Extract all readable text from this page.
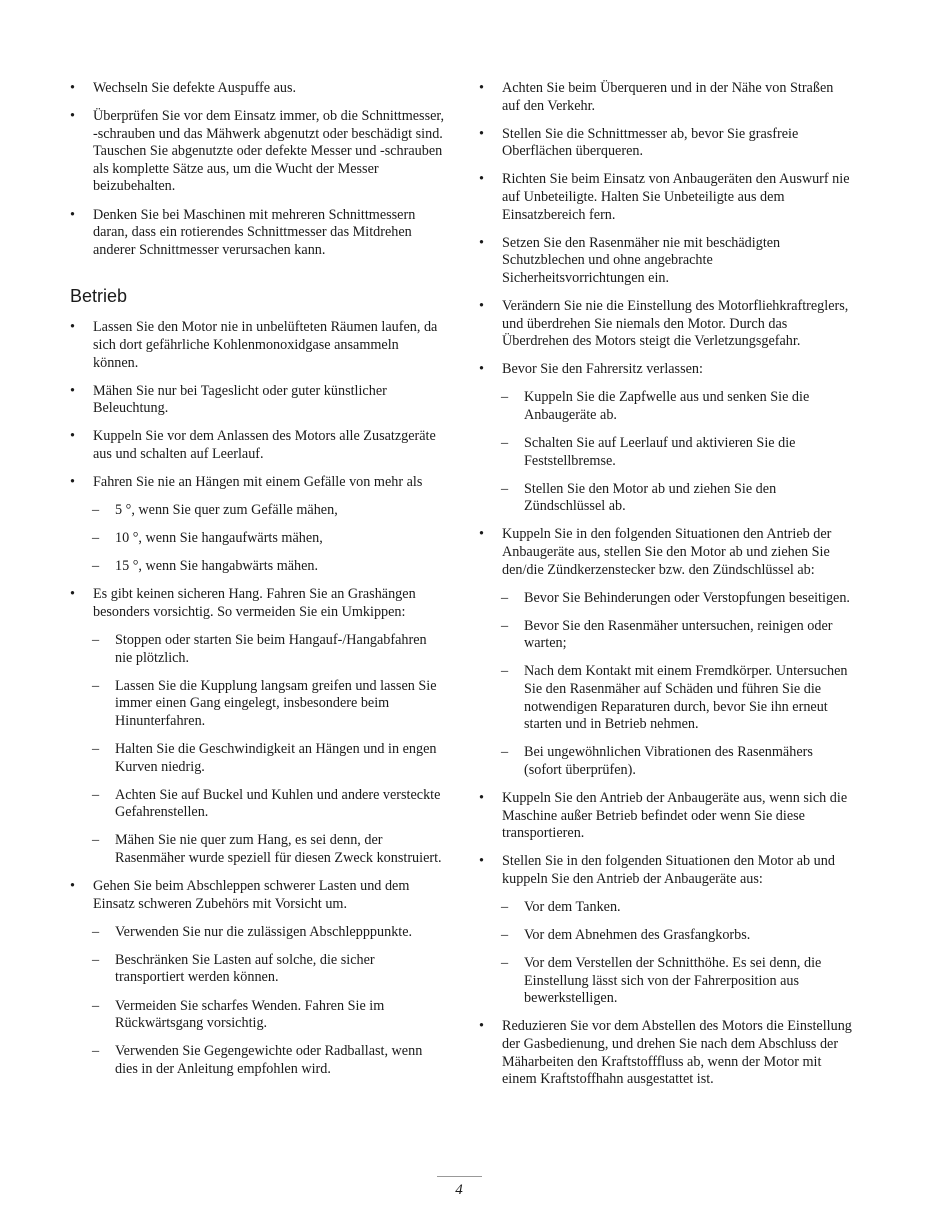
•	Wechseln Sie defekte Auspuffe aus.
•	Überprüfen Sie vor dem Einsatz immer, ob die Schnittmesser, -schrauben und das Mähwerk abgenutzt oder beschädigt sind. Tauschen Sie abgenutzte oder defekte Messer und -schrauben als komplette Sätze aus, um die Wucht der Messer beizubehalten.
•	Denken Sie bei Maschinen mit mehreren Schnittmessern daran, dass ein rotierendes Schnittmesser das Mitdrehen anderer Schnittmesser verursachen kann.
Betrieb
•	Lassen Sie den Motor nie in unbelüfteten Räumen laufen, da sich dort gefährliche Kohlenmonoxidgase ansammeln können.
•	Mähen Sie nur bei Tageslicht oder guter künstlicher Beleuchtung.
•	Kuppeln Sie vor dem Anlassen des Motors alle Zusatzgeräte aus und schalten auf Leerlauf.
•	Fahren Sie nie an Hängen mit einem Gefälle von mehr als
– 5 °, wenn Sie quer zum Gefälle mähen,
– 10 °, wenn Sie hangaufwärts mähen,
– 15 °, wenn Sie hangabwärts mähen.
•	Es gibt keinen sicheren Hang. Fahren Sie an Grashängen besonders vorsichtig. So vermeiden Sie ein Umkippen:
– Stoppen oder starten Sie beim Hangauf-/Hangabfahren nie plötzlich.
– Lassen Sie die Kupplung langsam greifen und lassen Sie immer einen Gang eingelegt, insbesondere beim Hinunterfahren.
– Halten Sie die Geschwindigkeit an Hängen und in engen Kurven niedrig.
– Achten Sie auf Buckel und Kuhlen und andere versteckte Gefahrenstellen.
– Mähen Sie nie quer zum Hang, es sei denn, der Rasenmäher wurde speziell für diesen Zweck konstruiert.
•	Gehen Sie beim Abschleppen schwerer Lasten und dem Einsatz schweren Zubehörs mit Vorsicht um.
– Verwenden Sie nur die zulässigen Abschlepppunkte.
– Beschränken Sie Lasten auf solche, die sicher transportiert werden können.
– Vermeiden Sie scharfes Wenden. Fahren Sie im Rückwärtsgang vorsichtig.
– Verwenden Sie Gegengewichte oder Radballast, wenn dies in der Anleitung empfohlen wird.
•	Achten Sie beim Überqueren und in der Nähe von Straßen auf den Verkehr.
•	Stellen Sie die Schnittmesser ab, bevor Sie grasfreie Oberflächen überqueren.
•	Richten Sie beim Einsatz von Anbaugeräten den Auswurf nie auf Unbeteiligte. Halten Sie Unbeteiligte aus dem Einsatzbereich fern.
•	Setzen Sie den Rasenmäher nie mit beschädigten Schutzblechen und ohne angebrachte Sicherheitsvorrichtungen ein.
•	Verändern Sie nie die Einstellung des Motorfliehkraftreglers, und überdrehen Sie niemals den Motor. Durch das Überdrehen des Motors steigt die Verletzungsgefahr.
•	Bevor Sie den Fahrersitz verlassen:
– Kuppeln Sie die Zapfwelle aus und senken Sie die Anbaugeräte ab.
– Schalten Sie auf Leerlauf und aktivieren Sie die Feststellbremse.
– Stellen Sie den Motor ab und ziehen Sie den Zündschlüssel ab.
•	Kuppeln Sie in den folgenden Situationen den Antrieb der Anbaugeräte aus, stellen Sie den Motor ab und ziehen Sie den/die Zündkerzenstecker bzw. den Zündschlüssel ab:
– Bevor Sie Behinderungen oder Verstopfungen beseitigen.
– Bevor Sie den Rasenmäher untersuchen, reinigen oder warten;
– Nach dem Kontakt mit einem Fremdkörper. Untersuchen Sie den Rasenmäher auf Schäden und führen Sie die notwendigen Reparaturen durch, bevor Sie ihn erneut starten und in Betrieb nehmen.
– Bei ungewöhnlichen Vibrationen des Rasenmähers (sofort überprüfen).
•	Kuppeln Sie den Antrieb der Anbaugeräte aus, wenn sich die Maschine außer Betrieb befindet oder wenn Sie diese transportieren.
•	Stellen Sie in den folgenden Situationen den Motor ab und kuppeln Sie den Antrieb der Anbaugeräte aus:
– Vor dem Tanken.
– Vor dem Abnehmen des Grasfangkorbs.
– Vor dem Verstellen der Schnitthöhe. Es sei denn, die Einstellung lässt sich von der Fahrerposition aus bewerkstelligen.
•	Reduzieren Sie vor dem Abstellen des Motors die Einstellung der Gasbedienung, und drehen Sie nach dem Abschluss der Mäharbeiten den Kraftstofffluss ab, wenn der Motor mit einem Kraftstoffhahn ausgestattet ist.
4
